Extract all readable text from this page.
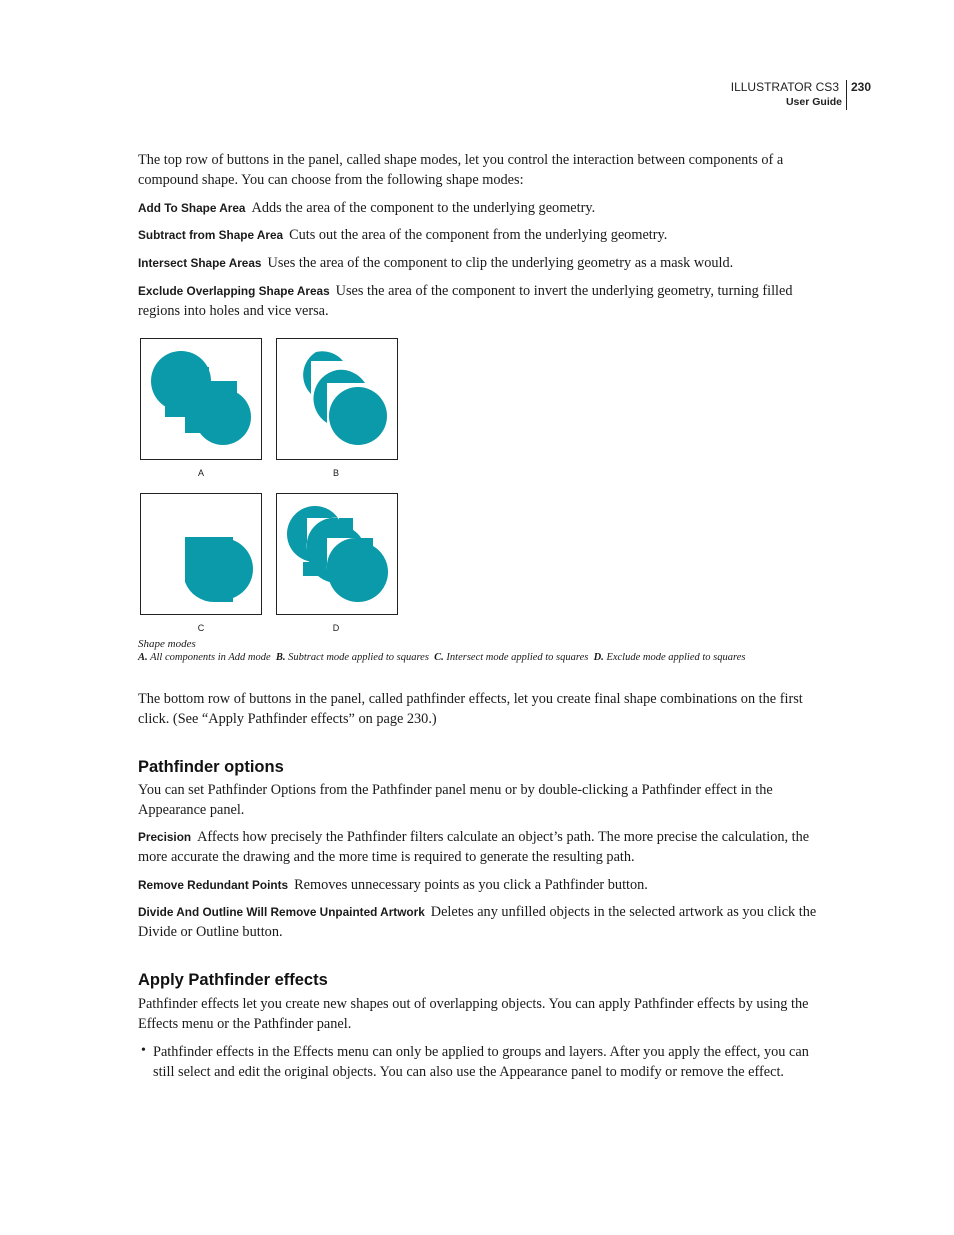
ILLUSTRATOR CS3
User Guide
230
The top row of buttons in the panel, called shape modes, let you control the interaction between components of a compound shape. You can choose from the following shape modes:
Add To Shape Area Adds the area of the component to the underlying geometry.
Subtract from Shape Area Cuts out the area of the component from the underlying geometry.
Intersect Shape Areas Uses the area of the component to clip the underlying geometry as a mask would.
Exclude Overlapping Shape Areas Uses the area of the component to invert the underlying geometry, turning filled regions into holes and vice versa.
A	B
C	D
Shape modes
A. All components in Add mode B. Subtract mode applied to squares C. Intersect mode applied to squares D. Exclude mode applied to squares
The bottom row of buttons in the panel, called pathfinder effects, let you create final shape combinations on the first click. (See “Apply Pathfinder effects” on page 230.)
Pathfinder options
You can set Pathfinder Options from the Pathfinder panel menu or by double-clicking a Pathfinder effect in the Appearance panel.
Precision Affects how precisely the Pathfinder filters calculate an object’s path. The more precise the calculation, the more accurate the drawing and the more time is required to generate the resulting path.
Remove Redundant Points Removes unnecessary points as you click a Pathfinder button.
Divide And Outline Will Remove Unpainted Artwork Deletes any unfilled objects in the selected artwork as you click the Divide or Outline button.
Apply Pathfinder effects
Pathfinder effects let you create new shapes out of overlapping objects. You can apply Pathfinder effects by using the Effects menu or the Pathfinder panel.
• Pathfinder effects in the Effects menu can only be applied to groups and layers. After you apply the effect, you can still select and edit the original objects. You can also use the Appearance panel to modify or remove the effect.
